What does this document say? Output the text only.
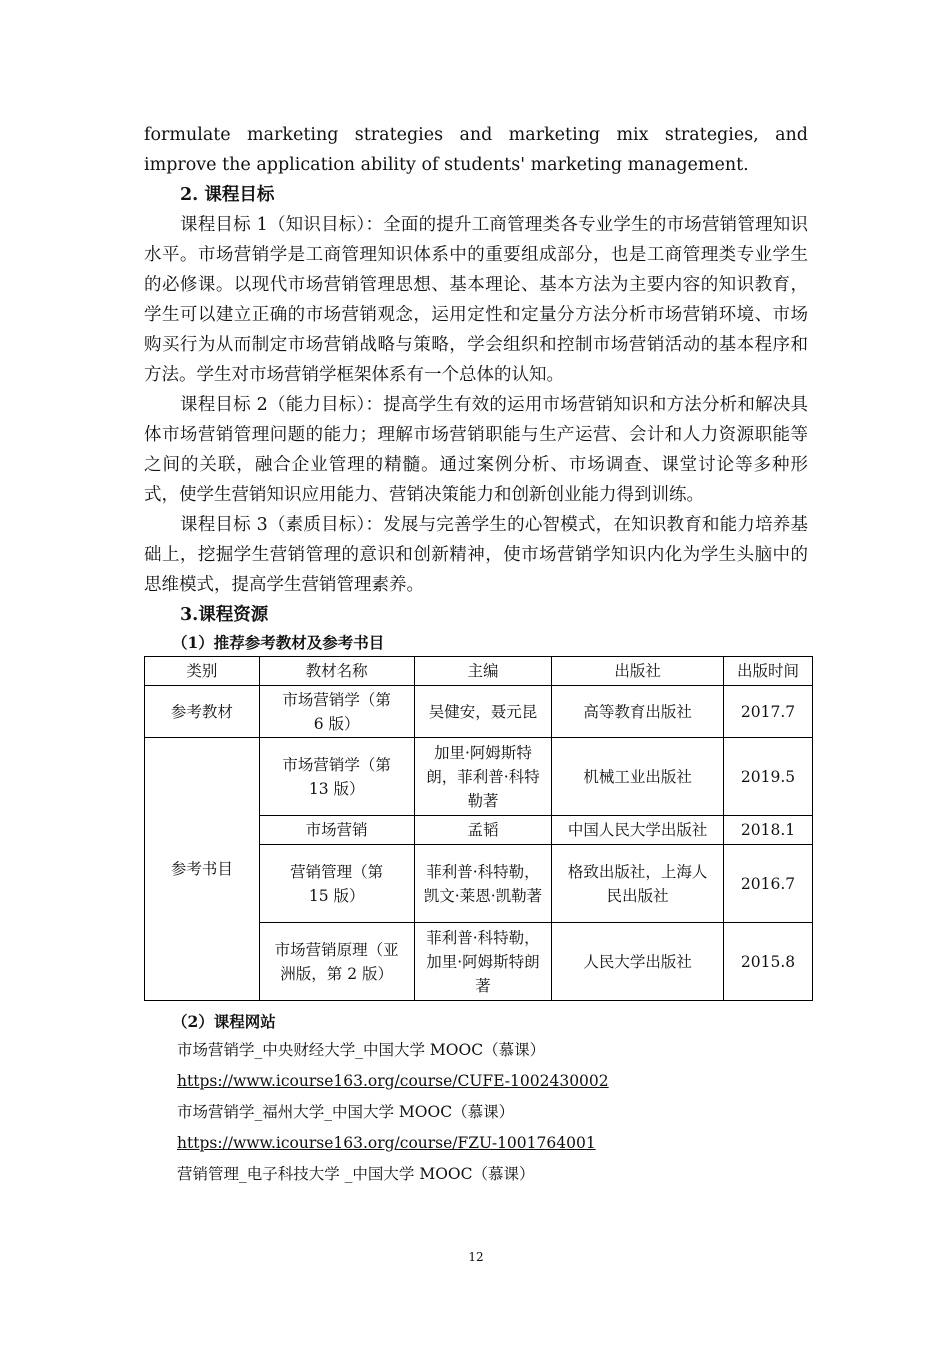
formulate marketing strategies and marketing mix strategies, and improve the application ability of students' marketing management.

2. 课程目标

课程目标 1（知识目标）：全面的提升工商管理类各专业学生的市场营销管理知识水平。市场营销学是工商管理知识体系中的重要组成部分，也是工商管理类专业学生的必修课。以现代市场营销管理思想、基本理论、基本方法为主要内容的知识教育，学生可以建立正确的市场营销观念，运用定性和定量分方法分析市场营销环境、市场购买行为从而制定市场营销战略与策略，学会组织和控制市场营销活动的基本程序和方法。学生对市场营销学框架体系有一个总体的认知。

课程目标 2（能力目标）：提高学生有效的运用市场营销知识和方法分析和解决具体市场营销管理问题的能力；理解市场营销职能与生产运营、会计和人力资源职能等之间的关联，融合企业管理的精髓。通过案例分析、市场调查、课堂讨论等多种形式，使学生营销知识应用能力、营销决策能力和创新创业能力得到训练。

课程目标 3（素质目标）：发展与完善学生的心智模式，在知识教育和能力培养基础上，挖掘学生营销管理的意识和创新精神，使市场营销学知识内化为学生头脑中的思维模式，提高学生营销管理素养。

3.课程资源

（1）推荐参考教材及参考书目

类别	教材名称	主编	出版社	出版时间
参考教材	市场营销学（第 6 版）	吴健安，聂元昆	高等教育出版社	2017.7
参考书目	市场营销学（第 13 版）	加里·阿姆斯特朗，菲利普·科特勒著	机械工业出版社	2019.5
	市场营销	孟韬	中国人民大学出版社	2018.1
	营销管理（第 15 版）	菲利普·科特勒，凯文·莱恩·凯勒著	格致出版社，上海人民出版社	2016.7
	市场营销原理（亚洲版，第 2 版）	菲利普·科特勒，加里·阿姆斯特朗著	人民大学出版社	2015.8

（2）课程网站

市场营销学_中央财经大学_中国大学 MOOC（慕课）
https://www.icourse163.org/course/CUFE-1002430002
市场营销学_福州大学_中国大学 MOOC（慕课）
https://www.icourse163.org/course/FZU-1001764001
营销管理_电子科技大学 _中国大学 MOOC（慕课）
12
